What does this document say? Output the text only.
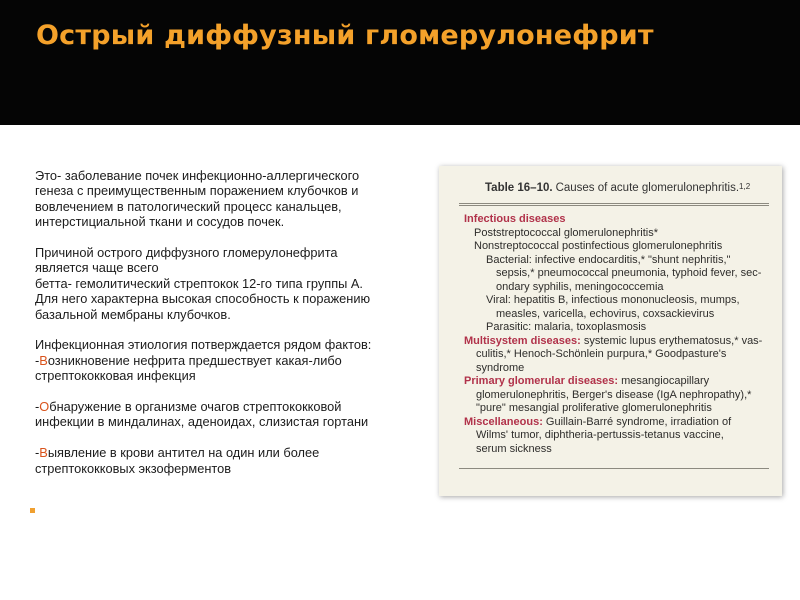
Острый диффузный гломерулонефрит

Это- заболевание почек инфекционно-аллергического

генеза с преимущественным поражением клубочков и

вовлечением в патологический процесс канальцев,

интерстициальной ткани и сосудов почек.

Причиной острого диффузного гломерулонефрита

является чаще всего

бетта- гемолитический стрептокок 12-го типа группы А.

Для него характерна высокая способность к поражению

базальной мембраны клубочков.

Инфекционная этиология потверждается рядом фактов:

-Возникновение нефрита предшествует какая-либо

стрептококковая инфекция

-Обнаружение в организме очагов стрептококковой

инфекции в миндалинах, аденоидах, слизистая гортани

-Выявление в крови антител на один или более

стрептококковых экзоферментов

Table 16–10. Causes of acute glomerulonephritis.$^{1,2}$
Infectious diseases
Poststreptococcal glomerulonephritis*
Nonstreptococcal postinfectious glomerulonephritis
Bacterial: infective endocarditis,* "shunt nephritis,"
sepsis,* pneumococcal pneumonia, typhoid fever, sec-
ondary syphilis, meningococcemia
Viral: hepatitis B, infectious mononucleosis, mumps,
measles, varicella, echovirus, coxsackievirus
Parasitic: malaria, toxoplasmosis
Multisystem diseases: systemic lupus erythematosus,* vas-
culitis,* Henoch-Schönlein purpura,* Goodpasture's
syndrome
Primary glomerular diseases: mesangiocapillary
glomerulonephritis, Berger's disease (IgA nephropathy),*
"pure" mesangial proliferative glomerulonephritis
Miscellaneous: Guillain-Barré syndrome, irradiation of
Wilms' tumor, diphtheria-pertussis-tetanus vaccine,
serum sickness
